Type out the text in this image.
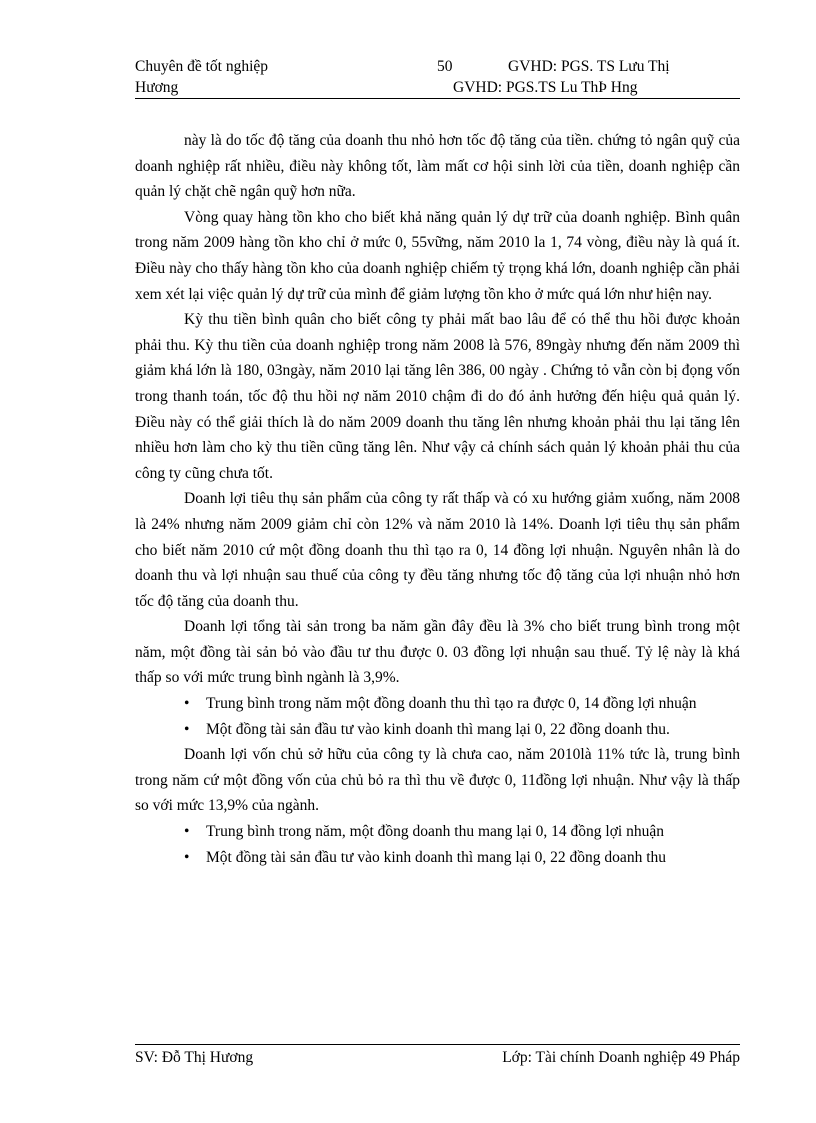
Chuyên đề tốt nghiệp	50	GVHD: PGS. TS Lưu Thị
Hương	GVHD: PGS.TS Lu ThÞ Hng

này là do tốc độ tăng của doanh thu nhỏ hơn tốc độ tăng của tiền. chứng tỏ ngân quỹ của doanh nghiệp rất nhiều, điều này không tốt, làm mất cơ hội sinh lời của tiền, doanh nghiệp cần quản lý chặt chẽ ngân quỹ hơn nữa.

Vòng quay hàng tồn kho cho biết khả năng quản lý dự trữ của doanh nghiệp. Bình quân trong năm 2009 hàng tồn kho chỉ ở mức 0, 55vững, năm 2010 la 1, 74 vòng, điều này là quá ít. Điều này cho thấy hàng tồn kho của doanh nghiệp chiếm tỷ trọng khá lớn, doanh nghiệp cần phải xem xét lại việc quản lý dự trữ của mình để giảm lượng tồn kho ở mức quá lớn như hiện nay.

Kỳ thu tiền bình quân cho biết công ty phải mất bao lâu để có thể thu hồi được khoản phải thu. Kỳ thu tiền của doanh nghiệp trong năm 2008 là 576, 89ngày nhưng đến năm 2009 thì giảm khá lớn là 180, 03ngày, năm 2010 lại tăng lên 386, 00 ngày . Chứng tỏ vẫn còn bị đọng vốn trong thanh toán, tốc độ thu hồi nợ năm 2010 chậm đi do đó ảnh hưởng đến hiệu quả quản lý. Điều này có thể giải thích là do năm 2009 doanh thu tăng lên nhưng khoản phải thu lại tăng lên nhiều hơn làm cho kỳ thu tiền cũng tăng lên. Như vậy cả chính sách quản lý khoản phải thu của công ty cũng chưa tốt.

Doanh lợi tiêu thụ sản phẩm của công ty rất thấp và có xu hướng giảm xuống, năm 2008 là 24% nhưng năm 2009 giảm chỉ còn 12% và năm 2010 là 14%. Doanh lợi tiêu thụ sản phẩm cho biết năm 2010 cứ một đồng doanh thu thì tạo ra 0, 14 đồng lợi nhuận. Nguyên nhân là do doanh thu và lợi nhuận sau thuế của công ty đều tăng nhưng tốc độ tăng của lợi nhuận nhỏ hơn tốc độ tăng của doanh thu.

Doanh lợi tổng tài sản trong ba năm gần đây đều là 3% cho biết trung bình trong một năm, một đồng tài sản bỏ vào đầu tư thu được 0. 03 đồng lợi nhuận sau thuế. Tỷ lệ này là khá thấp so với mức trung bình ngành là 3,9%.

•	Trung bình trong năm một đồng doanh thu thì tạo ra được 0, 14 đồng lợi nhuận
•	Một đồng tài sản đầu tư vào kinh doanh thì mang lại 0, 22 đồng doanh thu.

Doanh lợi vốn chủ sở hữu của công ty là chưa cao, năm 2010là 11% tức là, trung bình trong năm cứ một đồng vốn của chủ bỏ ra thì thu về được 0, 11đồng lợi nhuận. Như vậy là thấp so với mức 13,9% của ngành.

•	Trung bình trong năm, một đồng doanh thu mang lại 0, 14 đồng lợi nhuận
•	Một đồng tài sản đầu tư vào kinh doanh thì mang lại 0, 22 đồng doanh thu
SV: Đỗ Thị Hương	Lớp: Tài chính Doanh nghiệp 49 Pháp
